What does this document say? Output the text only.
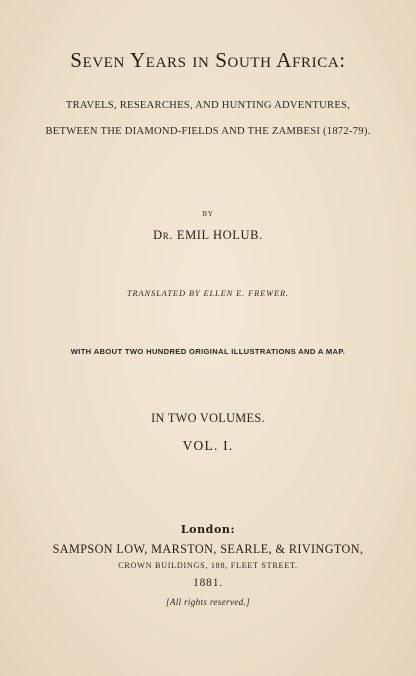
Seven Years in South Africa:
TRAVELS, RESEARCHES, AND HUNTING ADVENTURES,
BETWEEN THE DIAMOND-FIELDS AND THE ZAMBESI (1872-79).
BY
Dr. EMIL HOLUB.
TRANSLATED BY ELLEN E. FREWER.
WITH ABOUT TWO HUNDRED ORIGINAL ILLUSTRATIONS AND A MAP.
IN TWO VOLUMES.
VOL. I.
London:
SAMPSON LOW, MARSTON, SEARLE, & RIVINGTON,
CROWN BUILDINGS, 188, FLEET STREET.
1881.
[All rights reserved.]
